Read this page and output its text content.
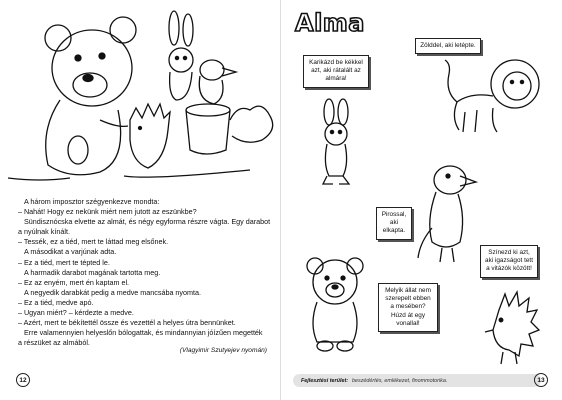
A három imposztor szégyenkezve mondta:
– Nahát! Hogy ez nekünk miért nem jutott az eszünkbe?
Sündisznócska elvette az almát, és négy egyforma részre vágta. Egy darabot
a nyúlnak kínált.
– Tessék, ez a tiéd, mert te láttad meg elsőnek.
A másodikat a varjúnak adta.
– Ez a tiéd, mert te tépted le.
A harmadik darabot magának tartotta meg.
– Ez az enyém, mert én kaptam el.
A negyedik darabkát pedig a medve mancsába nyomta.
– Ez a tiéd, medve apó.
– Ugyan miért? – kérdezte a medve.
– Azért, mert te békítettél össze és vezettél a helyes útra bennünket.
Erre valamennyien helyeslőn bólogattak, és mindannyian jóízűen megették
a részüket az almából.
(Vlagyimir Szutyejev nyomán)
12
Alma
Karikázd be kékkel azt, aki rátalált az almára!
Zölddel, aki letépte.
Pirossal, aki elkapta.
Színezd ki azt, aki igazságot tett a vitázók között!
Melyik állat nem szerepelt ebben a mesében? Húzd át egy vonallal!
Fejlesztési terület: beszédértés, emlékezet, finommotorika.	13
